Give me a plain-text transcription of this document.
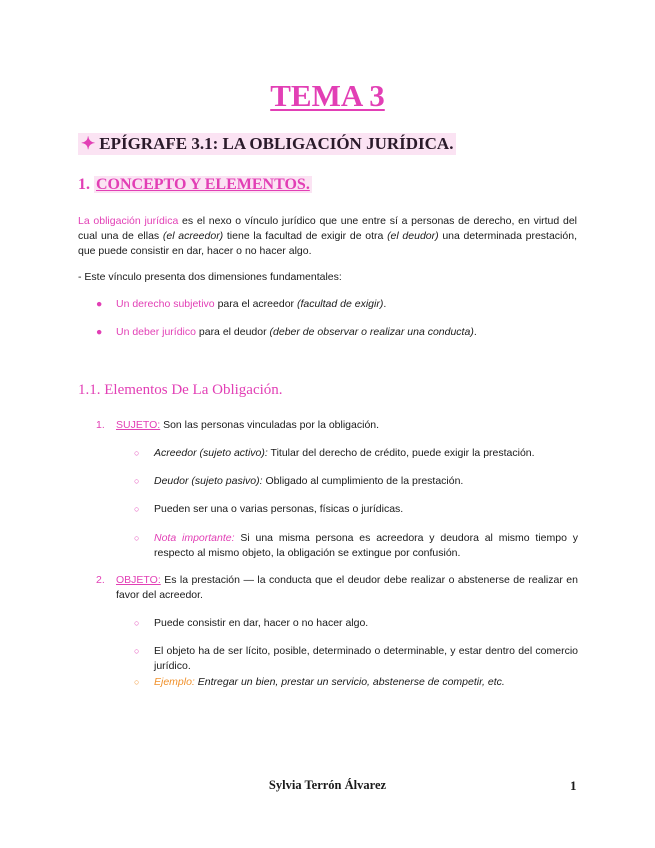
TEMA 3
✦ EPÍGRAFE 3.1: LA OBLIGACIÓN JURÍDICA.
1. CONCEPTO Y ELEMENTOS.
La obligación jurídica es el nexo o vínculo jurídico que une entre sí a personas de derecho, en virtud del cual una de ellas (el acreedor) tiene la facultad de exigir de otra (el deudor) una determinada prestación, que puede consistir en dar, hacer o no hacer algo.
- Este vínculo presenta dos dimensiones fundamentales:
● Un derecho subjetivo para el acreedor (facultad de exigir).
● Un deber jurídico para el deudor (deber de observar o realizar una conducta).
1.1. Elementos De La Obligación.
1. SUJETO: Son las personas vinculadas por la obligación.
○ Acreedor (sujeto activo): Titular del derecho de crédito, puede exigir la prestación.
○ Deudor (sujeto pasivo): Obligado al cumplimiento de la prestación.
○ Pueden ser una o varias personas, físicas o jurídicas.
○	Nota importante: Si una misma persona es acreedora y deudora al mismo tiempo y respecto al mismo objeto, la obligación se extingue por confusión.
2.	OBJETO: Es la prestación — la conducta que el deudor debe realizar o abstenerse de realizar en favor del acreedor.
○ Puede consistir en dar, hacer o no hacer algo.
○	El objeto ha de ser lícito, posible, determinado o determinable, y estar dentro del comercio jurídico.
○ Ejemplo: Entregar un bien, prestar un servicio, abstenerse de competir, etc.
Sylvia Terrón Álvarez	1
